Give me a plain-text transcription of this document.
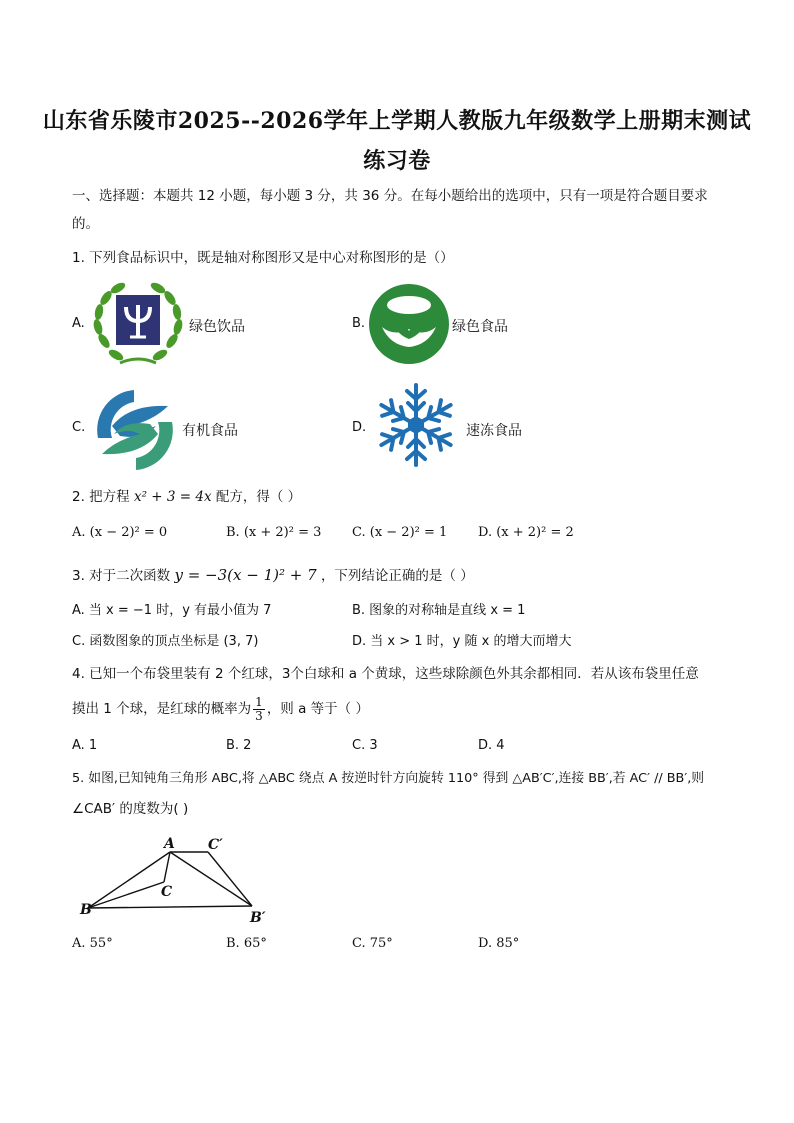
山东省乐陵市2025--2026学年上学期人教版九年级数学上册期末测试
练习卷
一、选择题：本题共 12 小题，每小题 3 分，共 36 分。在每小题给出的选项中，只有一项是符合题目要求
的。
1. 下列食品标识中，既是轴对称图形又是中心对称图形的是（）
A.	绿色饮品	B.	绿色食品
C.	有机食品	D.	速冻食品
2. 把方程 x² + 3 = 4x 配方，得（ ）
A. (x − 2)² = 0	B. (x + 2)² = 3 C. (x − 2)² = 1 D. (x + 2)² = 2
3. 对于二次函数 y = −3(x − 1)² + 7 ，下列结论正确的是（ ）
A. 当 x = −1 时，y 有最小值为 7	B. 图象的对称轴是直线 x = 1
C. 函数图象的顶点坐标是 (3, 7)	D. 当 x > 1 时，y 随 x 的增大而增大
4. 已知一个布袋里装有 2 个红球，3个白球和 a 个黄球，这些球除颜色外其余都相同．若从该布袋里任意
摸出 1 个球，是红球的概率为 $\frac{1}{3}$ ，则 a 等于（ ）
A. 1	B. 2	C. 3	D. 4
5. 如图,已知钝角三角形 ABC,将 △ABC 绕点 A 按逆时针方向旋转 110° 得到 △AB′C′,连接 BB′,若 AC′ // BB′,则
∠CAB′ 的度数为( )
A C′
C
B	B′
A. 55°	B. 65°	C. 75°	D. 85°
